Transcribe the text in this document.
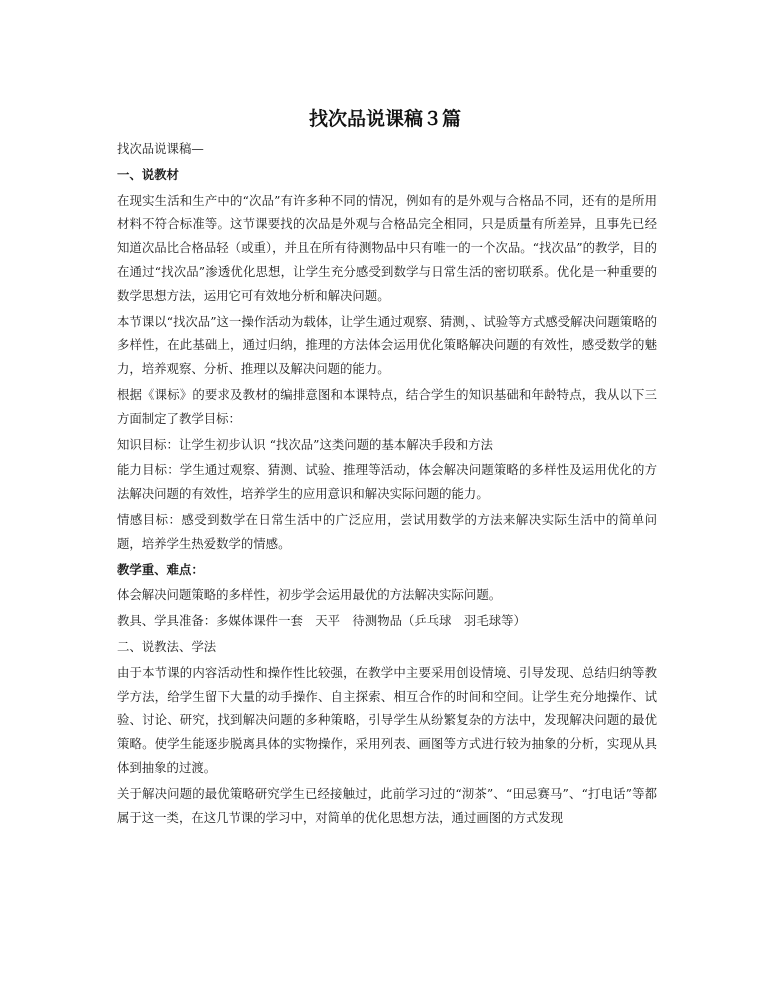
找次品说课稿３篇

找次品说课稿—

一、说教材

在现实生活和生产中的“次品”有许多种不同的情况，例如有的是外观与合格品不同，还有的是所用材料不符合标准等。这节课要找的次品是外观与合格品完全相同，只是质量有所差异，且事先已经知道次品比合格品轻（或重），并且在所有待测物品中只有唯一的一个次品。“找次品”的教学，目的在通过“找次品”渗透优化思想，让学生充分感受到数学与日常生活的密切联系。优化是一种重要的数学思想方法，运用它可有效地分析和解决问题。

本节课以“找次品”这一操作活动为载体，让学生通过观察、猜测，、试验等方式感受解决问题策略的多样性，在此基础上，通过归纳，推理的方法体会运用优化策略解决问题的有效性，感受数学的魅力，培养观察、分析、推理以及解决问题的能力。

根据《课标》的要求及教材的编排意图和本课特点，结合学生的知识基础和年龄特点，我从以下三方面制定了教学目标：

知识目标：让学生初步认识 “找次品”这类问题的基本解决手段和方法

能力目标：学生通过观察、猜测、试验、推理等活动，体会解决问题策略的多样性及运用优化的方法解决问题的有效性，培养学生的应用意识和解决实际问题的能力。

情感目标：感受到数学在日常生活中的广泛应用，尝试用数学的方法来解决实际生活中的简单问题，培养学生热爱数学的情感。

教学重、难点：

体会解决问题策略的多样性，初步学会运用最优的方法解决实际问题。

教具、学具准备：多媒体课件一套　天平　待测物品（乒乓球　羽毛球等）

二、说教法、学法

由于本节课的内容活动性和操作性比较强，在教学中主要采用创设情境、引导发现、总结归纳等教学方法，给学生留下大量的动手操作、自主探索、相互合作的时间和空间。让学生充分地操作、试验、讨论、研究，找到解决问题的多种策略，引导学生从纷繁复杂的方法中，发现解决问题的最优策略。使学生能逐步脱离具体的实物操作，采用列表、画图等方式进行较为抽象的分析，实现从具体到抽象的过渡。

关于解决问题的最优策略研究学生已经接触过，此前学习过的“沏茶”、“田忌赛马”、“打电话”等都属于这一类，在这几节课的学习中，对简单的优化思想方法，通过画图的方式发现
